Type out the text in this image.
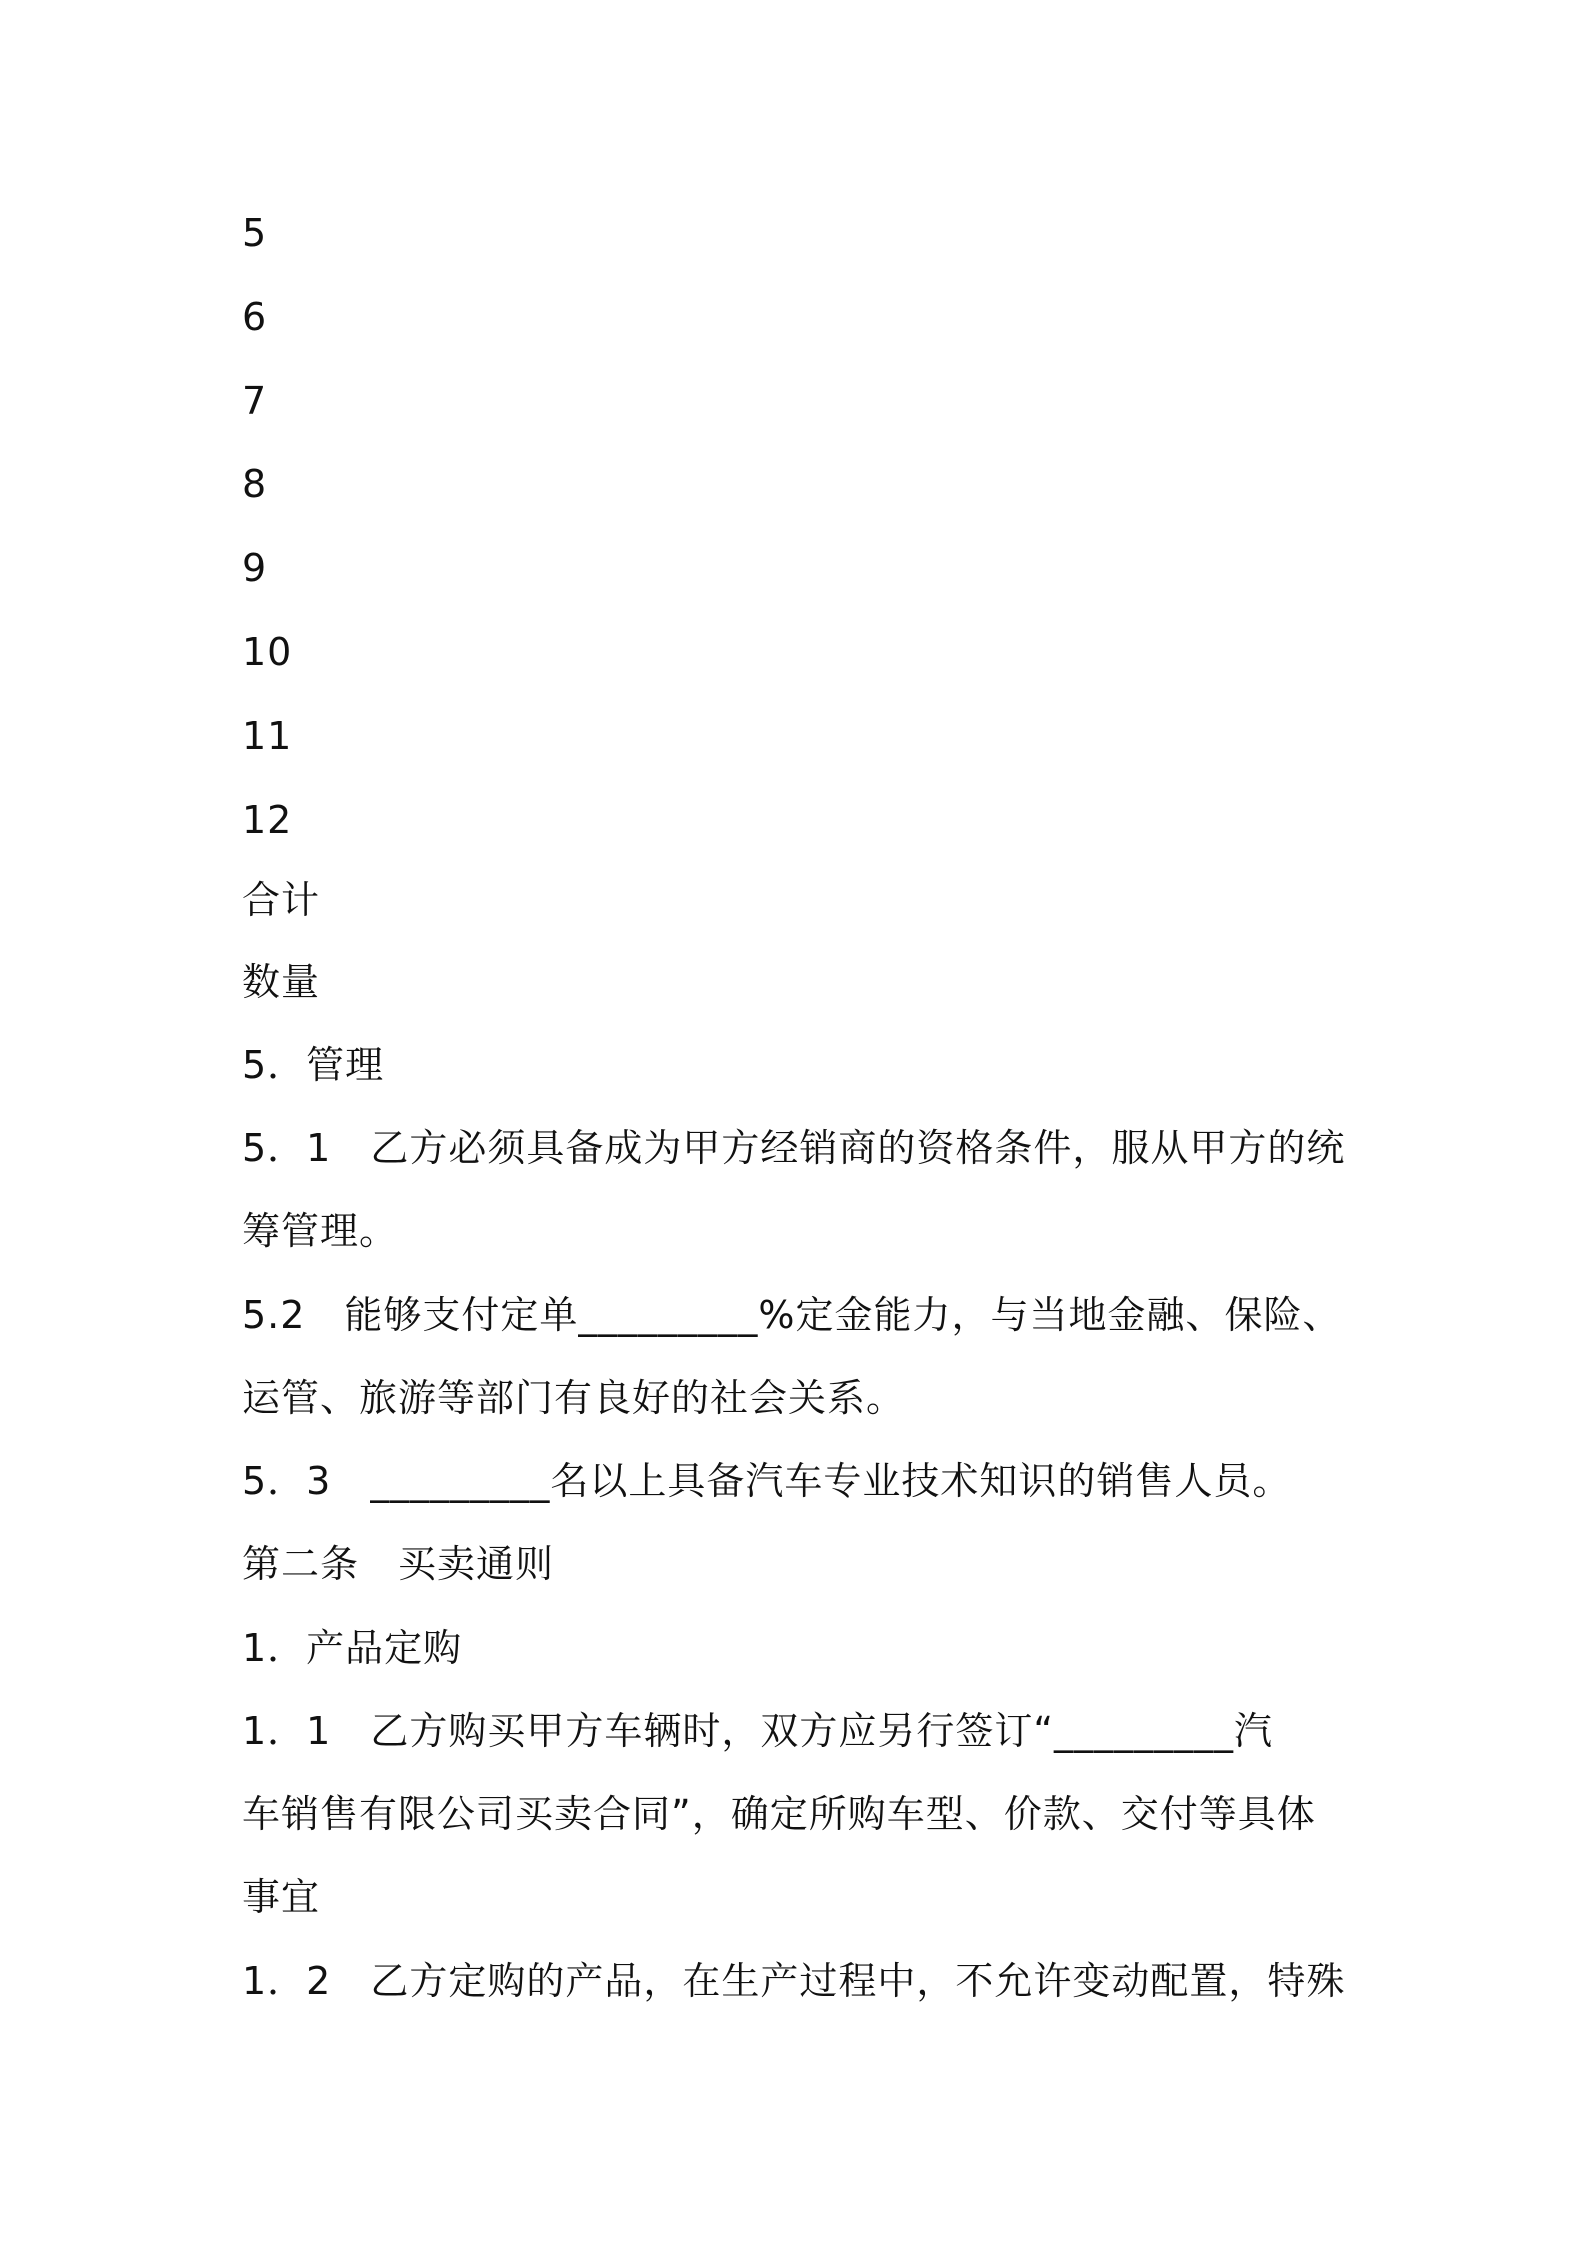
5

6

7

8

9

10

11

12

合计

数量

5．管理

5．1　乙方必须具备成为甲方经销商的资格条件，服从甲方的统

筹管理。

5.2　能够支付定单_________%定金能力，与当地金融、保险、

运管、旅游等部门有良好的社会关系。

5．3　_________名以上具备汽车专业技术知识的销售人员。

第二条　买卖通则

1．产品定购

1．1　乙方购买甲方车辆时，双方应另行签订“_________汽

车销售有限公司买卖合同”，确定所购车型、价款、交付等具体

事宜

1．2　乙方定购的产品，在生产过程中，不允许变动配置，特殊
